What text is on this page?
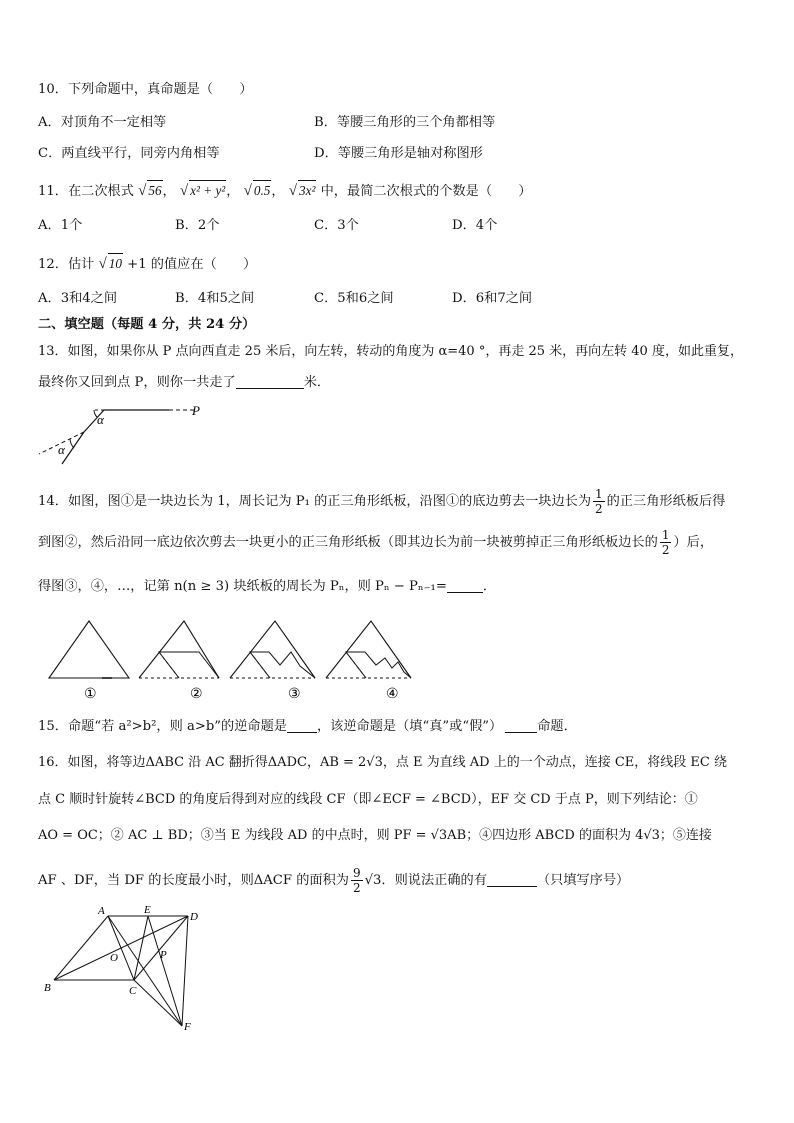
10．下列命题中，真命题是（　　）
A．对顶角不一定相等	B．等腰三角形的三个角都相等
C．两直线平行，同旁内角相等	D．等腰三角形是轴对称图形
11．在二次根式 √ 56， √ x² + y²， √ 0.5， √ 3x² 中，最简二次根式的个数是（　　）
A．1个	B．2个	C．3个	D．4个
12．估计 √ 10 +1 的值应在（　　）
A．3和4之间	B．4和5之间	C．5和6之间	D．6和7之间
二、填空题（每题 4 分，共 24 分）
13．如图，如果你从 P 点向西直走 25 米后，向左转，转动的角度为 α=40 °，再走 25 米，再向左转 40 度，如此重复，
最终你又回到点 P，则你一共走了	米．
α
α
P
14．如图，图①是一块边长为 1，周长记为 P₁ 的正三角形纸板，沿图①的底边剪去一块边长为 $\frac{1}{2}$ 的正三角形纸板后得
到图②，然后沿同一底边依次剪去一块更小的正三角形纸板（即其边长为前一块被剪掉正三角形纸板边长的 $\frac{1}{2}$ ）后，
得图③，④，…，记第 n(n ≥ 3) 块纸板的周长为 Pₙ，则 Pₙ − Pₙ₋₁=	．
①	②	③	④
15．命题“若 a²>b²，则 a>b”的逆命题是 ，该逆命题是（填“真”或“假”）	命题．
16．如图，将等边ΔABC 沿 AC 翻折得ΔADC，AB = 2√3，点 E 为直线 AD 上的一个动点，连接 CE，将线段 EC 绕
点 C 顺时针旋转∠BCD 的角度后得到对应的线段 CF（即∠ECF = ∠BCD），EF 交 CD 于点 P，则下列结论：①
AO = OC；② AC ⊥ BD；③当 E 为线段 AD 的中点时，则 PF = √3AB；④四边形 ABCD 的面积为 4√3；⑤连接
AF 、DF，当 DF 的长度最小时，则ΔACF 的面积为 $\frac{9}{2} √3$．则说法正确的有	（只填写序号）
A	E
D
O	P
B	C
F
